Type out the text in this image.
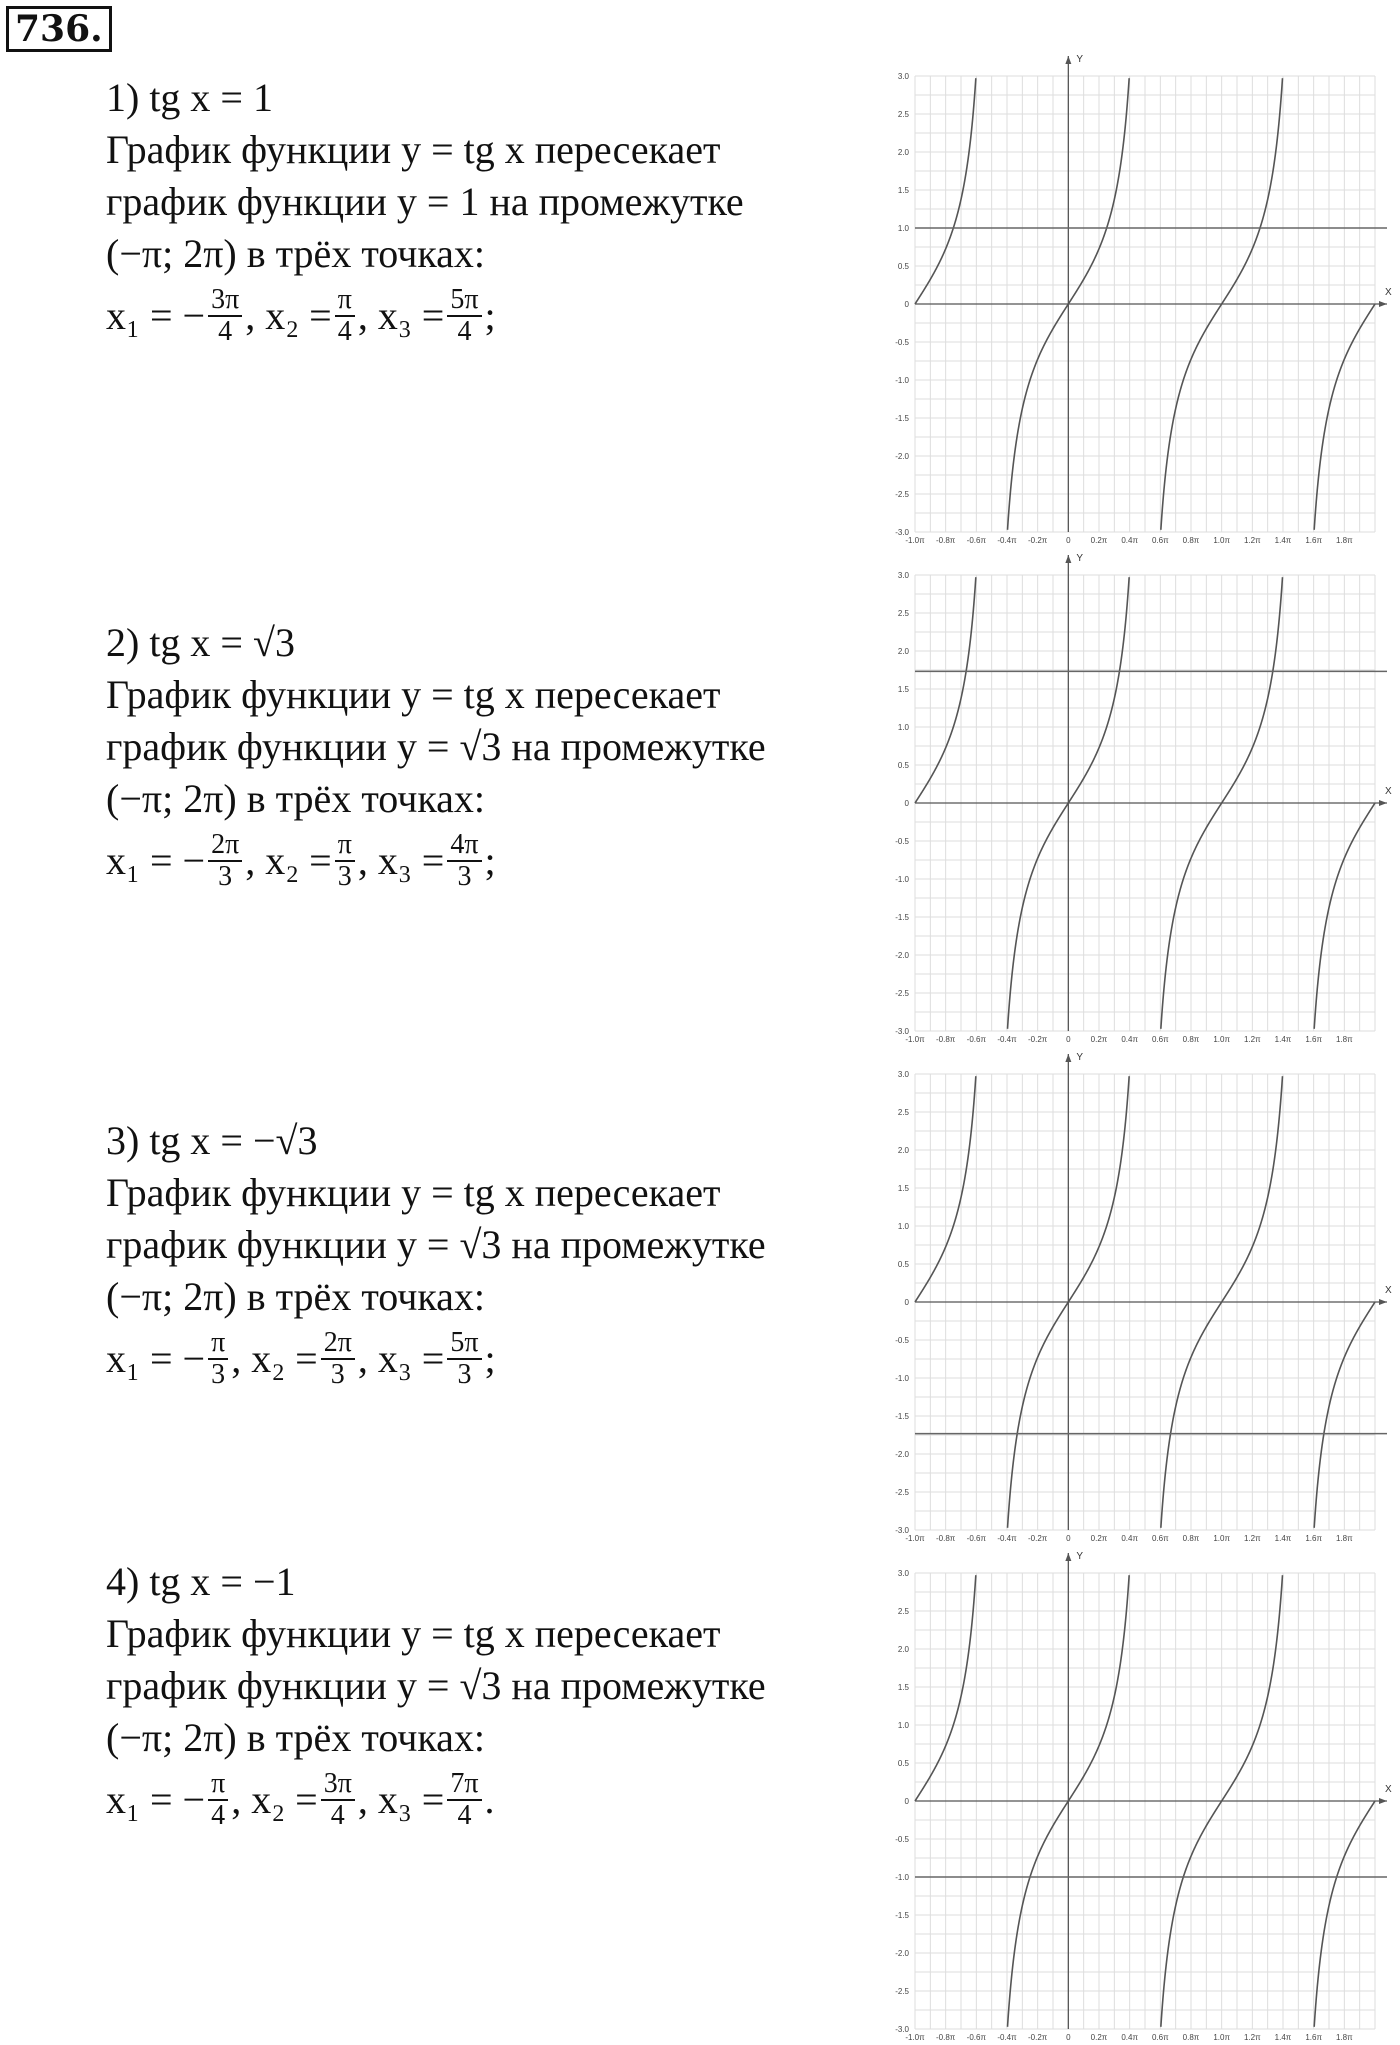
736.
1) tg x = 1
График функции y = tg x пересекает
график функции y = 1 на промежутке
(−π; 2π) в трёх точках:
x₁ = − $\frac{3\pi}{4}$ , $x_2 = \frac{\pi}{4}$ , $x_3 = \frac{5\pi}{4}$ ;
2) tg x = √3
График функции y = tg x пересекает
график функции y = √3 на промежутке
(−π; 2π) в трёх точках:
x₁ = − $\frac{2\pi}{3}$ , $x_2 = \frac{\pi}{3}$ , $x_3 = \frac{4\pi}{3}$ ;
3) tg x = −√3
График функции y = tg x пересекает
график функции y = √3 на промежутке
(−π; 2π) в трёх точках:
x₁ = − $\frac{\pi}{3}$ , $x_2 = \frac{2\pi}{3}$ , $x_3 = \frac{5\pi}{3}$ ;
4) tg x = −1
График функции y = tg x пересекает
график функции y = √3 на промежутке
(−π; 2π) в трёх точках:
x₁ = − $\frac{\pi}{4}$ , $x_2 = \frac{3\pi}{4}$ , $x_3 = \frac{7\pi}{4}$ .
X
Y
3.0
2.5
2.0
1.5
1.0
0.5
0
-0.5
-1.0
-1.5
-2.0
-2.5
-3.0
-1.0π -0.8π -0.6π -0.4π -0.2π 0	0.2π 0.4π 0.6π 0.8π 1.0π 1.2π 1.4π 1.6π 1.8π
X
Y
3.0
2.5
2.0
1.5
1.0
0.5
0
-0.5
-1.0
-1.5
-2.0
-2.5
-3.0
-1.0π -0.8π -0.6π -0.4π -0.2π 0	0.2π 0.4π 0.6π 0.8π 1.0π 1.2π 1.4π 1.6π 1.8π
X
Y
3.0
2.5
2.0
1.5
1.0
0.5
0
-0.5
-1.0
-1.5
-2.0
-2.5
-3.0
-1.0π -0.8π -0.6π -0.4π -0.2π 0	0.2π 0.4π 0.6π 0.8π 1.0π 1.2π 1.4π 1.6π 1.8π
X
Y
3.0
2.5
2.0
1.5
1.0
0.5
0
-0.5
-1.0
-1.5
-2.0
-2.5
-3.0
-1.0π -0.8π -0.6π -0.4π -0.2π 0	0.2π 0.4π 0.6π 0.8π 1.0π 1.2π 1.4π 1.6π 1.8π
